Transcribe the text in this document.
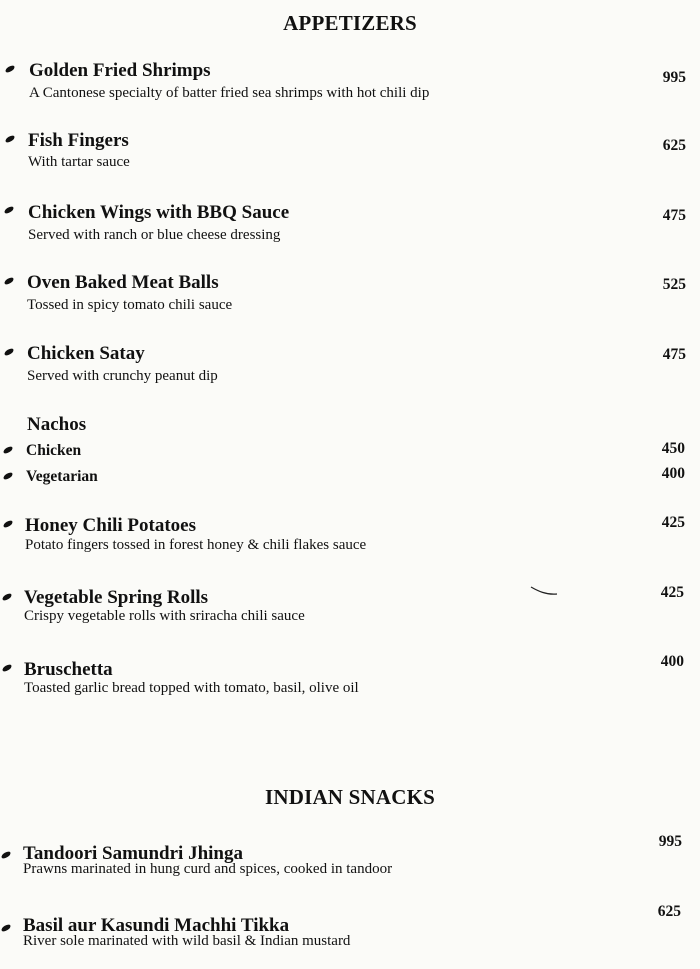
APPETIZERS
Golden Fried Shrimps
A Cantonese specialty of batter fried sea shrimps with hot chili dip
995
Fish Fingers
With tartar sauce
625
Chicken Wings with BBQ Sauce
Served with ranch or blue cheese dressing
475
Oven Baked Meat Balls
Tossed in spicy tomato chili sauce
525
Chicken Satay
Served with crunchy peanut dip
475
Nachos
Chicken	450
Vegetarian	400
Honey Chili Potatoes
Potato fingers tossed in forest honey & chili flakes sauce
425
Vegetable Spring Rolls
Crispy vegetable rolls with sriracha chili sauce
425
Bruschetta
Toasted garlic bread topped with tomato, basil, olive oil
400
INDIAN SNACKS
Tandoori Samundri Jhinga
Prawns marinated in hung curd and spices, cooked in tandoor
995
Basil aur Kasundi Machhi Tikka
River sole marinated with wild basil & Indian mustard
625
